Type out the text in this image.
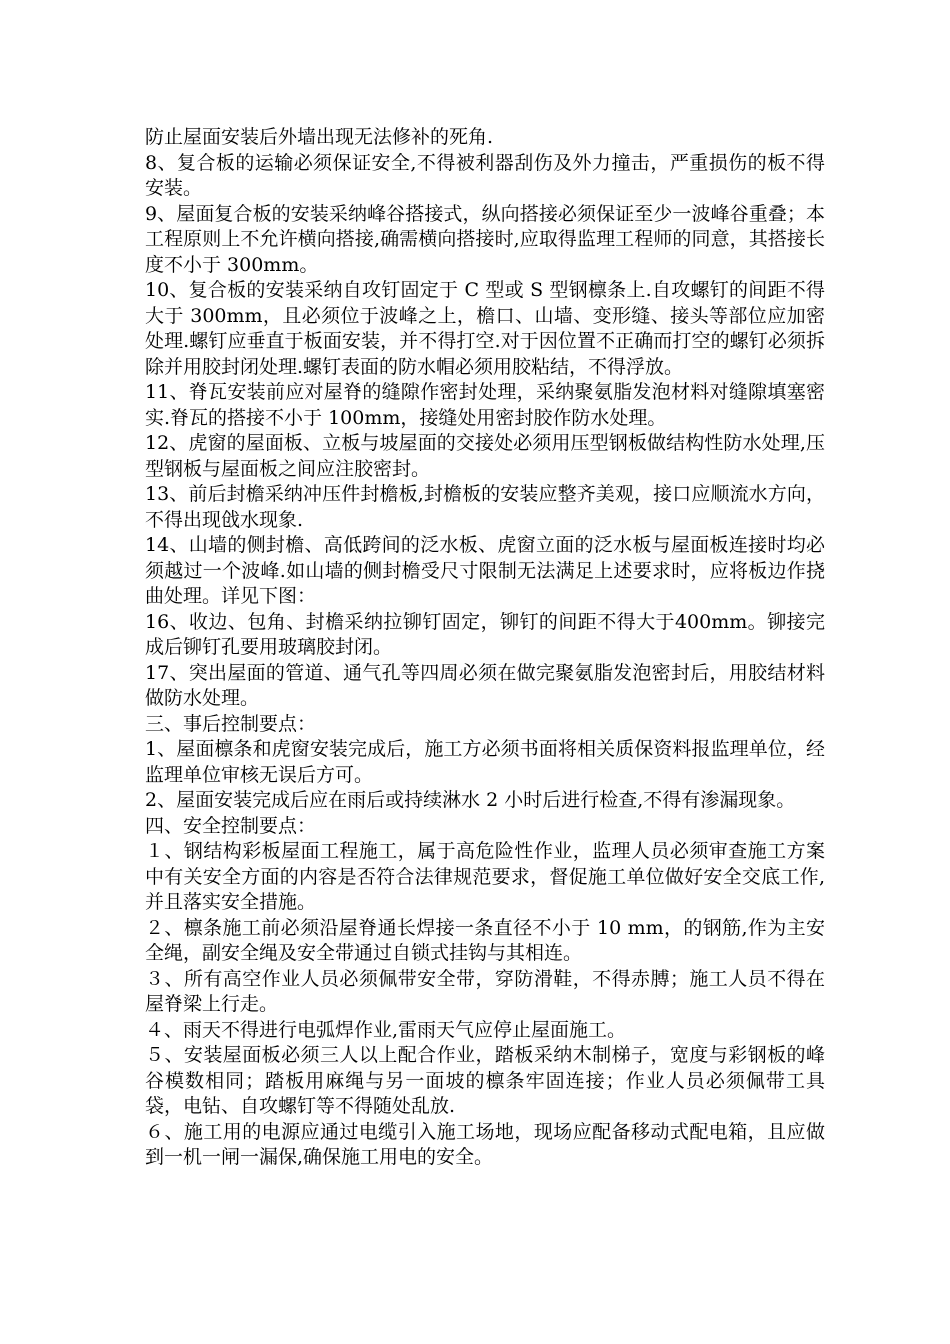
防止屋面安装后外墙出现无法修补的死角.

8、复合板的运输必须保证安全,不得被利器刮伤及外力撞击，严重损伤的板不得安装。

9、屋面复合板的安装采纳峰谷搭接式，纵向搭接必须保证至少一波峰谷重叠；本工程原则上不允许横向搭接,确需横向搭接时,应取得监理工程师的同意，其搭接长度不小于 300mm。

10、复合板的安装采纳自攻钉固定于 C 型或 S 型钢檩条上.自攻螺钉的间距不得大于 300mm，且必须位于波峰之上，檐口、山墙、变形缝、接头等部位应加密处理.螺钉应垂直于板面安装，并不得打空.对于因位置不正确而打空的螺钉必须拆除并用胶封闭处理.螺钉表面的防水帽必须用胶粘结，不得浮放。

11、脊瓦安装前应对屋脊的缝隙作密封处理，采纳聚氨脂发泡材料对缝隙填塞密实.脊瓦的搭接不小于 100mm，接缝处用密封胶作防水处理。

12、虎窗的屋面板、立板与坡屋面的交接处必须用压型钢板做结构性防水处理,压型钢板与屋面板之间应注胶密封。

13、前后封檐采纳冲压件封檐板,封檐板的安装应整齐美观，接口应顺流水方向，不得出现戗水现象.

14、山墙的侧封檐、高低跨间的泛水板、虎窗立面的泛水板与屋面板连接时均必须越过一个波峰.如山墙的侧封檐受尺寸限制无法满足上述要求时，应将板边作挠曲处理。详见下图：

16、收边、包角、封檐采纳拉铆钉固定，铆钉的间距不得大于400mm。铆接完成后铆钉孔要用玻璃胶封闭。

17、突出屋面的管道、通气孔等四周必须在做完聚氨脂发泡密封后，用胶结材料做防水处理。

三、事后控制要点：

1、屋面檩条和虎窗安装完成后，施工方必须书面将相关质保资料报监理单位，经监理单位审核无误后方可。

2、屋面安装完成后应在雨后或持续淋水 2 小时后进行检查,不得有渗漏现象。

四、安全控制要点：

１、钢结构彩板屋面工程施工，属于高危险性作业，监理人员必须审查施工方案中有关安全方面的内容是否符合法律规范要求，督促施工单位做好安全交底工作,并且落实安全措施。

２、檩条施工前必须沿屋脊通长焊接一条直径不小于 10 mm，的钢筋,作为主安全绳，副安全绳及安全带通过自锁式挂钩与其相连。

３、所有高空作业人员必须佩带安全带，穿防滑鞋，不得赤膊；施工人员不得在屋脊梁上行走。

４、雨天不得进行电弧焊作业,雷雨天气应停止屋面施工。

５、安装屋面板必须三人以上配合作业，踏板采纳木制梯子，宽度与彩钢板的峰谷模数相同；踏板用麻绳与另一面坡的檩条牢固连接；作业人员必须佩带工具袋，电钻、自攻螺钉等不得随处乱放.

６、施工用的电源应通过电缆引入施工场地，现场应配备移动式配电箱，且应做到一机一闸一漏保,确保施工用电的安全。
